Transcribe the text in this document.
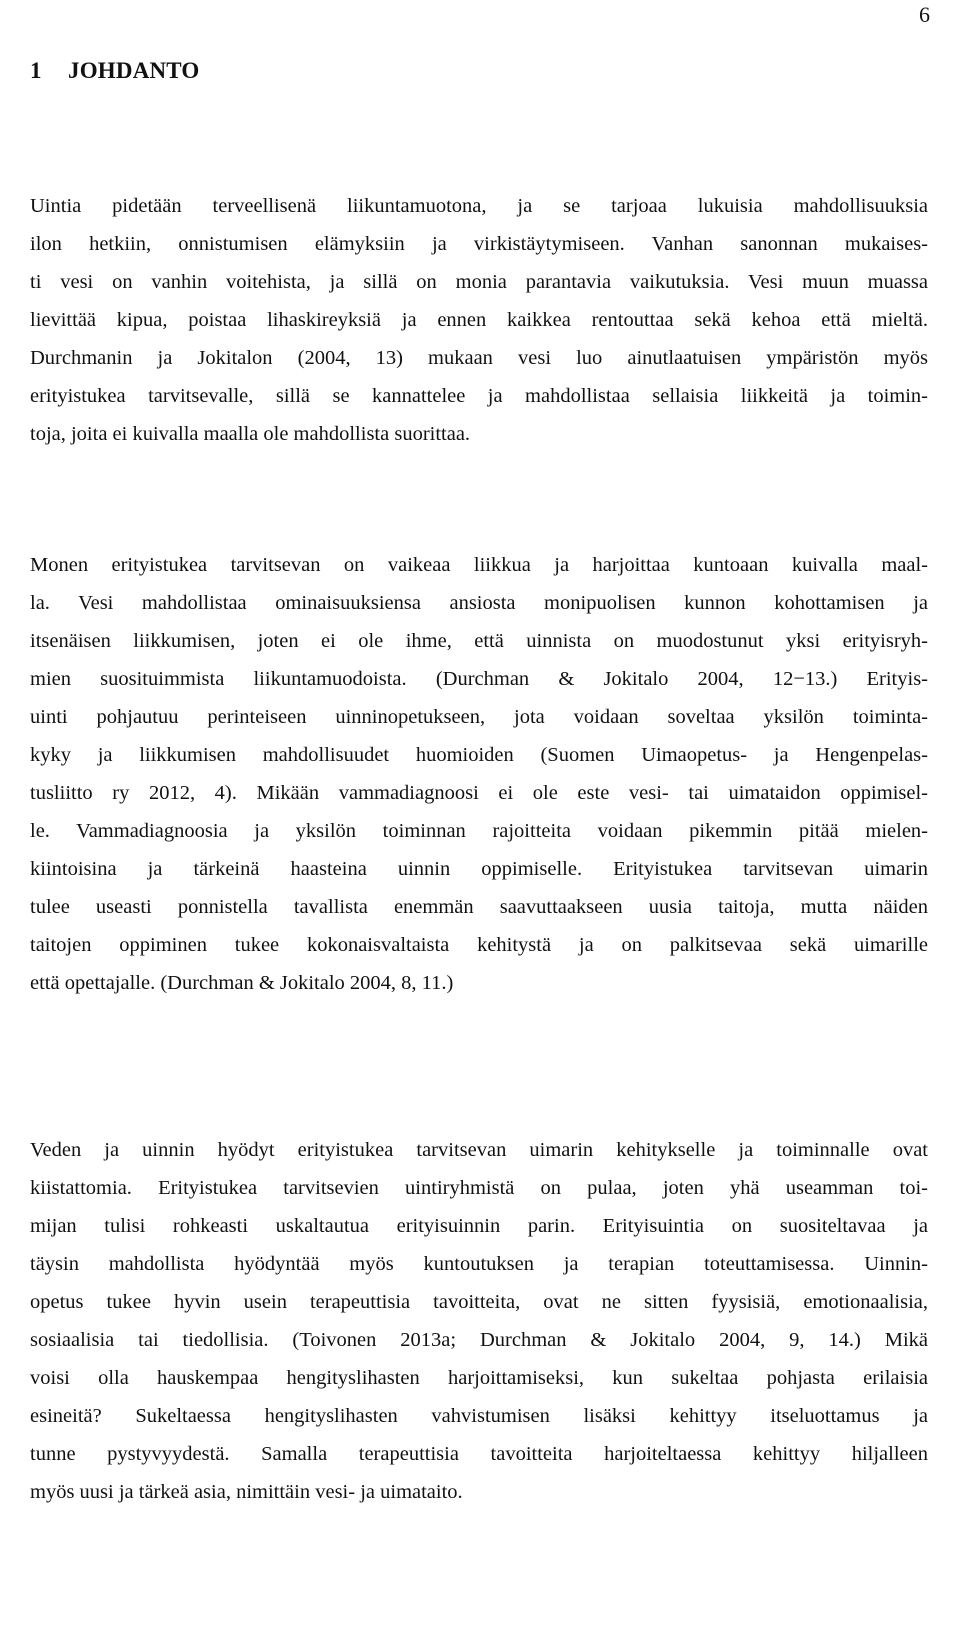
6
1 JOHDANTO
Uintia pidetään terveellisenä liikuntamuotona, ja se tarjoaa lukuisia mahdollisuuksia
ilon hetkiin, onnistumisen elämyksiin ja virkistäytymiseen. Vanhan sanonnan mukaises-
ti vesi on vanhin voitehista, ja sillä on monia parantavia vaikutuksia. Vesi muun muassa
lievittää kipua, poistaa lihaskireyksiä ja ennen kaikkea rentouttaa sekä kehoa että mieltä.
Durchmanin ja Jokitalon (2004, 13) mukaan vesi luo ainutlaatuisen ympäristön myös
erityistukea tarvitsevalle, sillä se kannattelee ja mahdollistaa sellaisia liikkeitä ja toimin-
toja, joita ei kuivalla maalla ole mahdollista suorittaa.
Monen erityistukea tarvitsevan on vaikeaa liikkua ja harjoittaa kuntoaan kuivalla maal-
la. Vesi mahdollistaa ominaisuuksiensa ansiosta monipuolisen kunnon kohottamisen ja
itsenäisen liikkumisen, joten ei ole ihme, että uinnista on muodostunut yksi erityisryh-
mien suosituimmista liikuntamuodoista. (Durchman & Jokitalo 2004, 12−13.) Erityis-
uinti pohjautuu perinteiseen uinninopetukseen, jota voidaan soveltaa yksilön toiminta-
kyky ja liikkumisen mahdollisuudet huomioiden (Suomen Uimaopetus- ja Hengenpelas-
tusliitto ry 2012, 4). Mikään vammadiagnoosi ei ole este vesi- tai uimataidon oppimisel-
le. Vammadiagnoosia ja yksilön toiminnan rajoitteita voidaan pikemmin pitää mielen-
kiintoisina ja tärkeinä haasteina uinnin oppimiselle. Erityistukea tarvitsevan uimarin
tulee useasti ponnistella tavallista enemmän saavuttaakseen uusia taitoja, mutta näiden
taitojen oppiminen tukee kokonaisvaltaista kehitystä ja on palkitsevaa sekä uimarille
että opettajalle. (Durchman & Jokitalo 2004, 8, 11.)
Veden ja uinnin hyödyt erityistukea tarvitsevan uimarin kehitykselle ja toiminnalle ovat
kiistattomia. Erityistukea tarvitsevien uintiryhmistä on pulaa, joten yhä useamman toi-
mijan tulisi rohkeasti uskaltautua erityisuinnin parin. Erityisuintia on suositeltavaa ja
täysin mahdollista hyödyntää myös kuntoutuksen ja terapian toteuttamisessa. Uinnin-
opetus tukee hyvin usein terapeuttisia tavoitteita, ovat ne sitten fyysisiä, emotionaalisia,
sosiaalisia tai tiedollisia. (Toivonen 2013a; Durchman & Jokitalo 2004, 9, 14.) Mikä
voisi olla hauskempaa hengityslihasten harjoittamiseksi, kun sukeltaa pohjasta erilaisia
esineitä? Sukeltaessa hengityslihasten vahvistumisen lisäksi kehittyy itseluottamus ja
tunne pystyvyydestä. Samalla terapeuttisia tavoitteita harjoiteltaessa kehittyy hiljalleen
myös uusi ja tärkeä asia, nimittäin vesi- ja uimataito.
